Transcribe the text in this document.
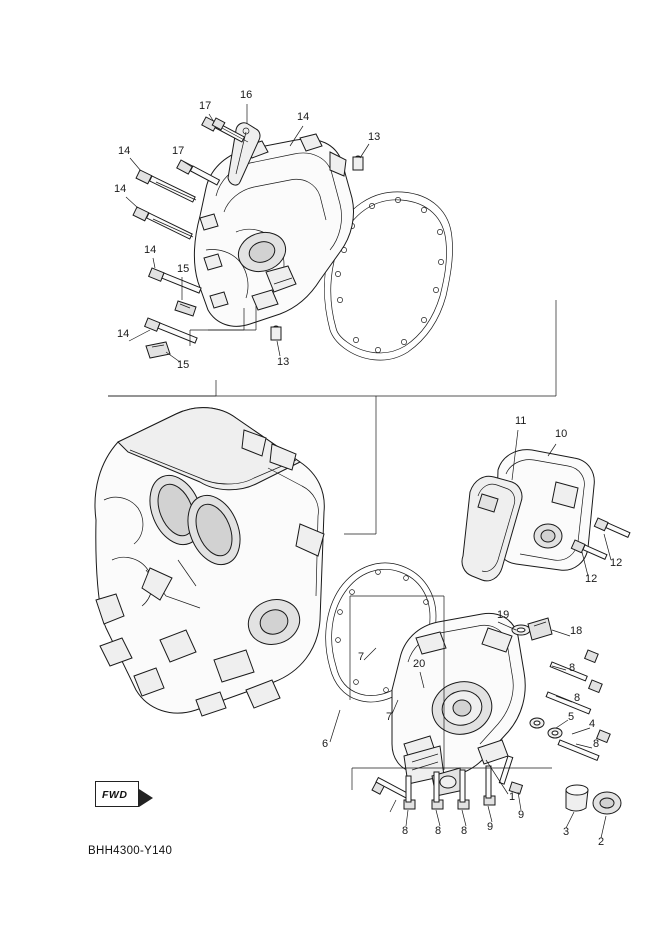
17
16
14
13
17
14
14
14
15
14
15	13
11
10
12
12
19
18
8
7
20
8
5
4
8
7
6
1
8 8 8 9
9
3
2
FWD
BHH4300-Y140
